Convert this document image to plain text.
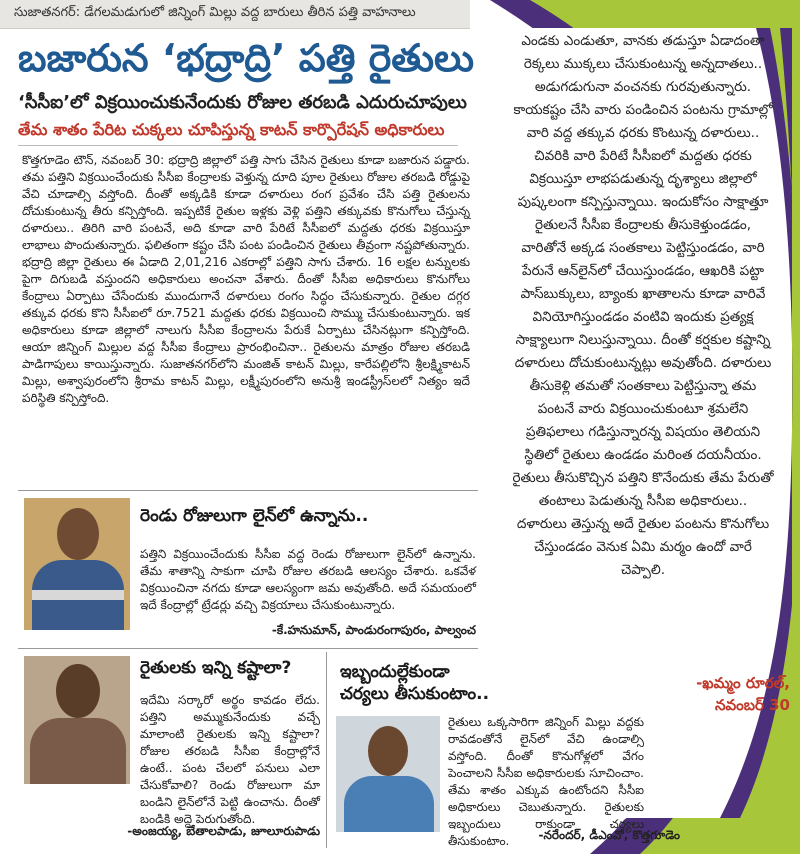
సుజాతనగర్: డేగలమడుగులో జిన్నింగ్ మిల్లు వద్ద బారులు తీరిన పత్తి వాహనాలు
బజారున ‘భద్రాద్రి’ పత్తి రైతులు
‘సీసీఐ’లో విక్రయించుకునేందుకు రోజుల తరబడి ఎదురుచూపులు
తేమ శాతం పేరిట చుక్కలు చూపిస్తున్న కాటన్ కార్పొరేషన్ అధికారులు
కొత్తగూడెం టౌన్, నవంబర్ 30: భద్రాద్రి జిల్లాలో పత్తి సాగు చేసిన రైతులు కూడా బజారున పడ్డారు. తమ పత్తిని విక్రయించేందుకు సీసీఐ కేంద్రాలకు వెళ్తున్న దూది పూల రైతులు రోజుల తరబడి రోడ్డుపై వేచి చూడాల్సి వస్తోంది. దీంతో అక్కడికి కూడా దళారులు రంగ ప్రవేశం చేసి పత్తి రైతులను దోచుకుంటున్న తీరు కన్పిస్తోంది. ఇప్పటికే రైతుల ఇళ్లకు వెళ్లి పత్తిని తక్కువకు కొనుగోలు చేస్తున్న దళారులు.. తిరిగి వారి పంటనే, అది కూడా వారి పేరిటే సీసీఐలో మద్దతు ధరకు విక్రయిస్తూ లాభాలు పొందుతున్నారు. ఫలితంగా కష్టం చేసి పంట పండించిన రైతులు తీవ్రంగా నష్టపోతున్నారు. భద్రాద్రి జిల్లా రైతులు ఈ ఏడాది 2,01,216 ఎకరాల్లో పత్తిని సాగు చేశారు. 16 లక్షల టన్నులకు పైగా దిగుబడి వస్తుందని అధికారులు అంచనా వేశారు. దీంతో సీసీఐ అధికారులు కొనుగోలు కేంద్రాలు ఏర్పాటు చేసేందుకు ముందుగానే దళారులు రంగం సిద్ధం చేసుకున్నారు. రైతుల దగ్గర తక్కువ ధరకు కొని సీసీఐలో రూ.7521 మద్దతు ధరకు విక్రయించి సొమ్ము చేసుకుంటున్నారు. ఇక అధికారులు కూడా జిల్లాలో నాలుగు సీసీఐ కేంద్రాలను పేరుకే ఏర్పాటు చేసినట్లుగా కన్పిస్తోంది. ఆయా జిన్నింగ్ మిల్లుల వద్ద సీసీఐ కేంద్రాలు ప్రారంభించినా.. రైతులను మాత్రం రోజుల తరబడి పాడిగాపులు కాయిస్తున్నారు. సుజాతనగర్‌లోని మంజిత్ కాటన్ మిల్లు, కారేపల్లిలోని శ్రీలక్ష్మికాటన్ మిల్లు, అశ్వాపురంలోని శ్రీరామ కాటన్ మిల్లు, లక్ష్మీపురంలోని అనుశ్రీ ఇండస్ట్రీస్‌లలో నిత్యం ఇదే పరిస్థితి కన్పిస్తోంది.
రెండు రోజులుగా లైన్‌లో ఉన్నాను..
పత్తిని విక్రయించేందుకు సీసీఐ వద్ద రెండు రోజులుగా లైన్‌లో ఉన్నాను. తేమ శాతాన్ని సాకుగా చూపి రోజుల తరబడి ఆలస్యం చేశారు. ఒకవేళ విక్రయించినా నగదు కూడా ఆలస్యంగా జమ అవుతోంది. అదే సమయంలో ఇదే కేంద్రాల్లో ట్రేడర్లు వచ్చి విక్రయాలు చేసుకుంటున్నారు.
-కే.హనుమాన్, పాండురంగాపురం, పాల్వంచ
రైతులకు ఇన్ని కష్టాలా?
ఇదేమి సర్కారో అర్థం కావడం లేదు. పత్తిని అమ్ముకునేందుకు వచ్చే మాలాంటి రైతులకు ఇన్ని కష్టాలా? రోజుల తరబడి సీసీఐ కేంద్రాల్లోనే ఉంటే.. పంట చేలలో పనులు ఎలా చేసుకోవాలి? రెండు రోజులుగా మా బండిని లైన్‌లోనే పెట్టి ఉంచాను. దీంతో బండికి అద్దె పెరుగుతోంది.
-అంజయ్య, బేతాలపాడు, జూలూరుపాడు
ఇబ్బందుల్లేకుండా
చర్యలు తీసుకుంటాం..
రైతులు ఒక్కసారిగా జిన్నింగ్ మిల్లు వద్దకు రావడంతోనే లైన్‌లో వేచి ఉండాల్సి వస్తోంది. దీంతో కొనుగోళ్లలో వేగం పెంచాలని సీసీఐ అధికారులకు సూచించాం. తేమ శాతం ఎక్కువ ఉంటోందని సీసీఐ అధికారులు చెబుతున్నారు. రైతులకు ఇబ్బందులు రాకుండా చర్యలు తీసుకుంటాం.	-నరేందర్, డీఎంవో, కొత్తగూడెం
ఎండకు ఎండుతూ, వానకు తడుస్తూ ఏడాదంతా రెక్కలు ముక్కలు చేసుకుంటున్న అన్నదాతలు.. అడుగడుగునా వంచనకు గురవుతున్నారు. కాయకష్టం చేసి వారు పండించిన పంటను గ్రామాల్లో వారి వద్ద తక్కువ ధరకు కొంటున్న దళారులు.. చివరికి వారి పేరిటే సీసీఐలో మద్దతు ధరకు విక్రయిస్తూ లాభపడుతున్న దృశ్యాలు జిల్లాలో పుష్కలంగా కన్పిస్తున్నాయి. ఇందుకోసం సాక్షాత్తూ రైతులనే సీసీఐ కేంద్రాలకు తీసుకెళ్తుండడం, వారితోనే అక్కడ సంతకాలు పెట్టిస్తుండడం, వారి పేరునే ఆన్‌లైన్‌లో చేయిస్తుండడం, ఆఖరికి పట్టా పాస్‌బుక్కులు, బ్యాంకు ఖాతాలను కూడా వారివే వినియోగిస్తుండడం వంటివి ఇందుకు ప్రత్యక్ష సాక్ష్యాలుగా నిలుస్తున్నాయి. దీంతో కర్షకుల కష్టాన్ని దళారులు దోచుకుంటున్నట్లు అవుతోంది. దళారులు తీసుకెళ్లి తమతో సంతకాలు పెట్టిస్తున్నా తమ పంటనే వారు విక్రయించుకుంటూ శ్రమలేని ప్రతిఫలాలు గడిస్తున్నారన్న విషయం తెలియని స్థితిలో రైతులు ఉండడం మరింత దయనీయం. రైతులు తీసుకొచ్చిన పత్తిని కొనేందుకు తేమ పేరుతో తంటాలు పెడుతున్న సీసీఐ అధికారులు.. దళారులు తెస్తున్న అదే రైతుల పంటను కొనుగోలు చేస్తుండడం వెనుక ఏమి మర్మం ఉందో వారే చెప్పాలి.
-ఖమ్మం రూరల్,
నవంబర్ 30
